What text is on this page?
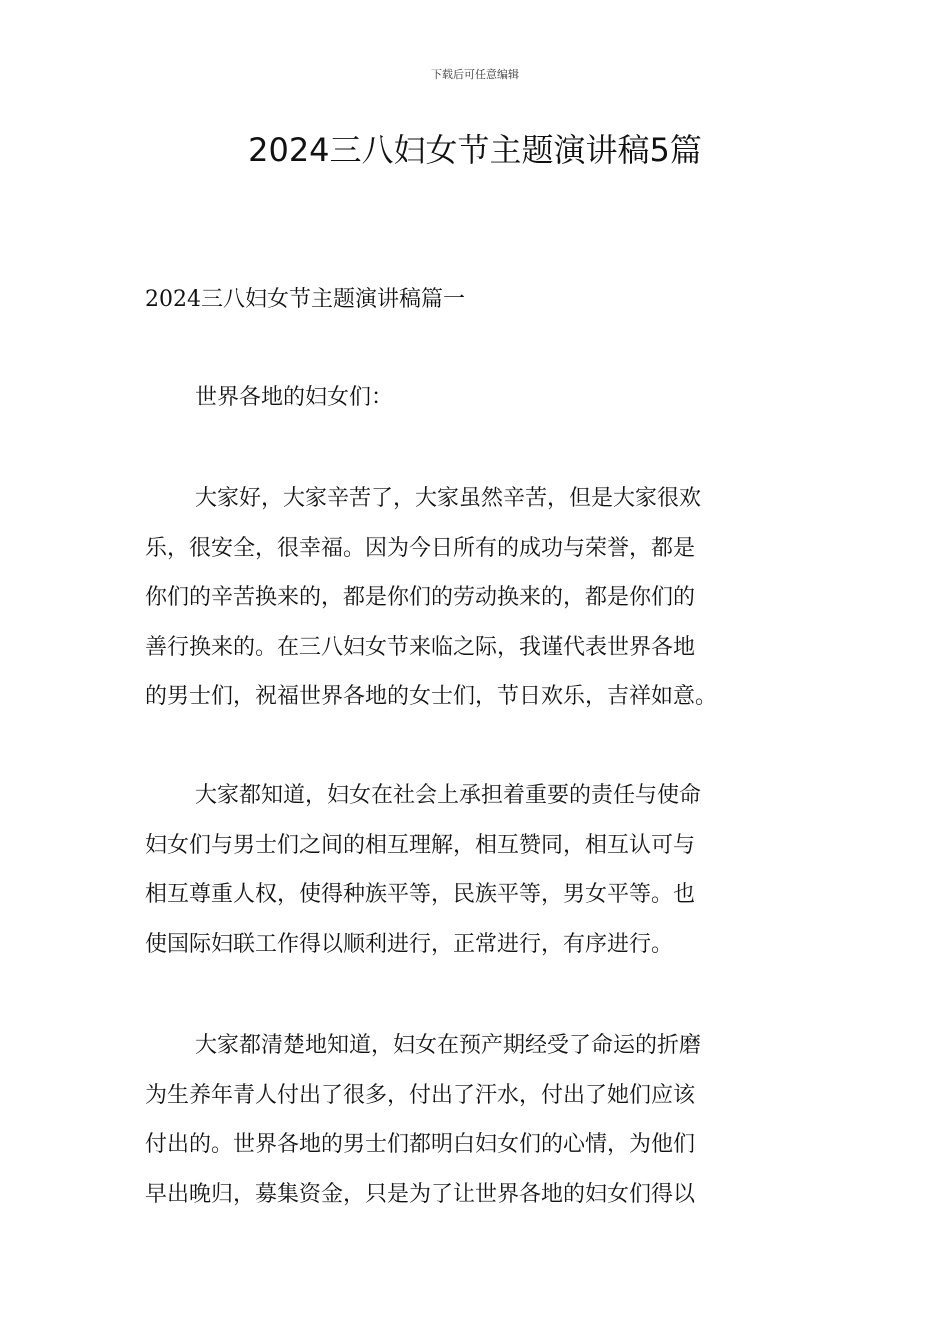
下载后可任意编辑
2024三八妇女节主题演讲稿5篇
2024三八妇女节主题演讲稿篇一

世界各地的妇女们：

大家好，大家辛苦了，大家虽然辛苦，但是大家很欢
乐，很安全，很幸福。因为今日所有的成功与荣誉，都是
你们的辛苦换来的，都是你们的劳动换来的，都是你们的
善行换来的。在三八妇女节来临之际，我谨代表世界各地
的男士们，祝福世界各地的女士们，节日欢乐，吉祥如意。

大家都知道，妇女在社会上承担着重要的责任与使命
妇女们与男士们之间的相互理解，相互赞同，相互认可与
相互尊重人权，使得种族平等，民族平等，男女平等。也
使国际妇联工作得以顺利进行，正常进行，有序进行。

大家都清楚地知道，妇女在预产期经受了命运的折磨
为生养年青人付出了很多，付出了汗水，付出了她们应该
付出的。世界各地的男士们都明白妇女们的心情，为他们
早出晚归，募集资金，只是为了让世界各地的妇女们得以
